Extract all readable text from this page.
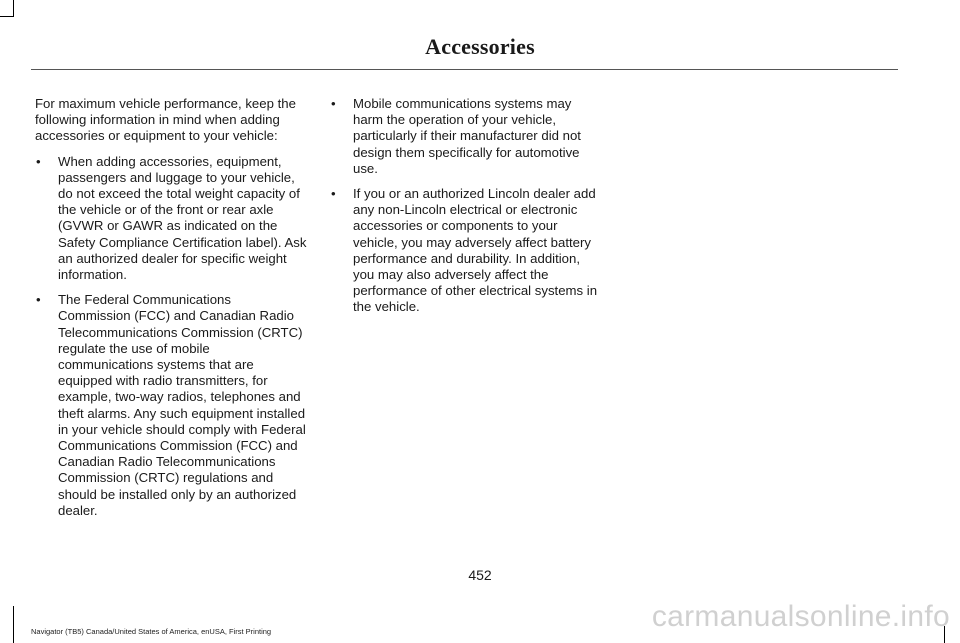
Accessories

For maximum vehicle performance, keep the following information in mind when adding accessories or equipment to your vehicle:

• When adding accessories, equipment, passengers and luggage to your vehicle, do not exceed the total weight capacity of the vehicle or of the front or rear axle (GVWR or GAWR as indicated on the Safety Compliance Certification label). Ask an authorized dealer for specific weight information.
• The Federal Communications Commission (FCC) and Canadian Radio Telecommunications Commission (CRTC) regulate the use of mobile communications systems that are equipped with radio transmitters, for example, two-way radios, telephones and theft alarms. Any such equipment installed in your vehicle should comply with Federal Communications Commission (FCC) and Canadian Radio Telecommunications Commission (CRTC) regulations and should be installed only by an authorized dealer.
• Mobile communications systems may harm the operation of your vehicle, particularly if their manufacturer did not design them specifically for automotive use.
• If you or an authorized Lincoln dealer add any non-Lincoln electrical or electronic accessories or components to your vehicle, you may adversely affect battery performance and durability. In addition, you may also adversely affect the performance of other electrical systems in the vehicle.
452
Navigator (TB5) Canada/United States of America, enUSA, First Printing	carmanualsonline.info
